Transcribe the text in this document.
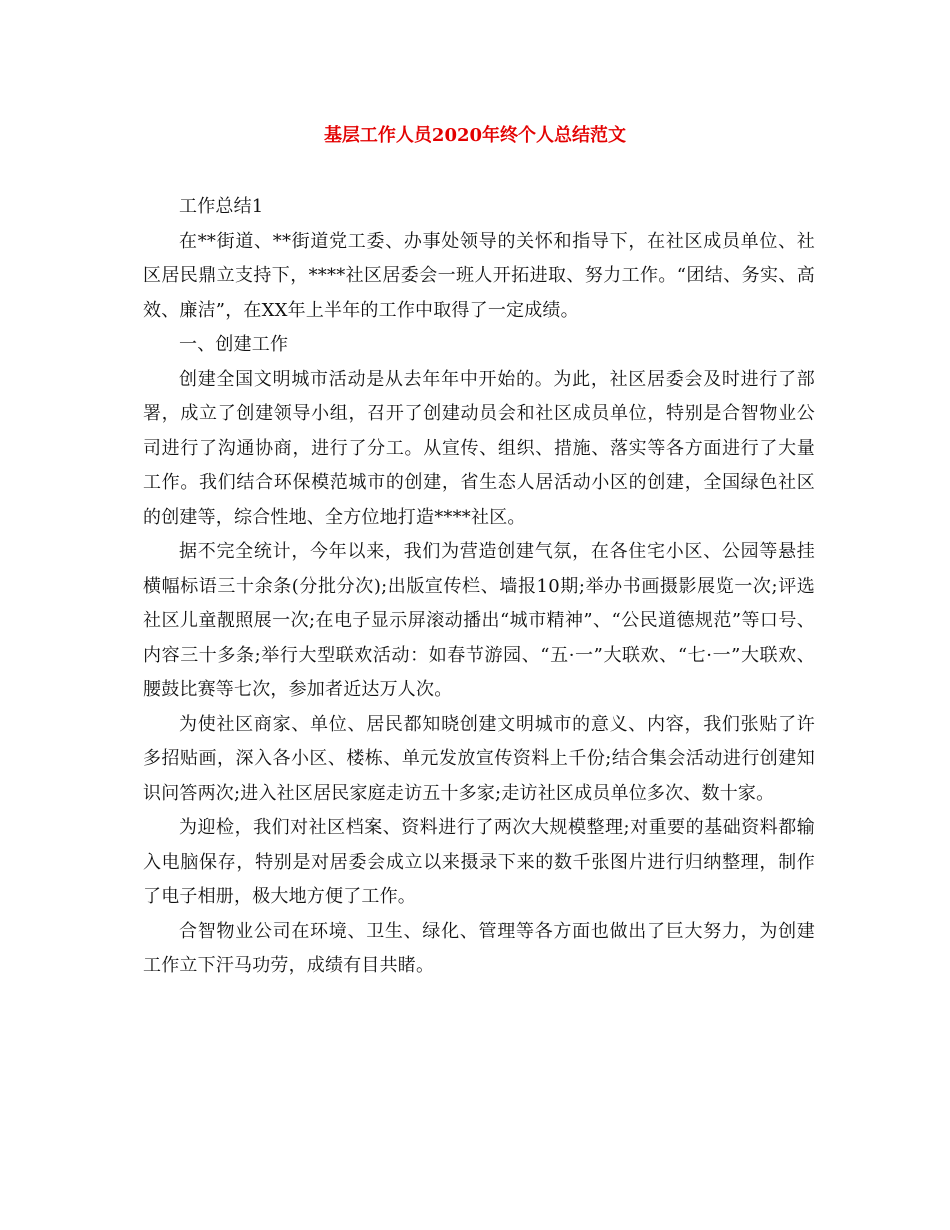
基层工作人员2020年终个人总结范文

工作总结1

在**街道、**街道党工委、办事处领导的关怀和指导下，在社区成员单位、社区居民鼎立支持下，****社区居委会一班人开拓进取、努力工作。“团结、务实、高效、廉洁”，在XX年上半年的工作中取得了一定成绩。

一、创建工作

创建全国文明城市活动是从去年年中开始的。为此，社区居委会及时进行了部署，成立了创建领导小组，召开了创建动员会和社区成员单位，特别是合智物业公司进行了沟通协商，进行了分工。从宣传、组织、措施、落实等各方面进行了大量工作。我们结合环保模范城市的创建，省生态人居活动小区的创建，全国绿色社区的创建等，综合性地、全方位地打造****社区。

据不完全统计，今年以来，我们为营造创建气氛，在各住宅小区、公园等悬挂横幅标语三十余条(分批分次);出版宣传栏、墙报10期;举办书画摄影展览一次;评选社区儿童靓照展一次;在电子显示屏滚动播出“城市精神”、“公民道德规范”等口号、内容三十多条;举行大型联欢活动：如春节游园、“五·一”大联欢、“七·一”大联欢、腰鼓比赛等七次，参加者近达万人次。

为使社区商家、单位、居民都知晓创建文明城市的意义、内容，我们张贴了许多招贴画，深入各小区、楼栋、单元发放宣传资料上千份;结合集会活动进行创建知识问答两次;进入社区居民家庭走访五十多家;走访社区成员单位多次、数十家。

为迎检，我们对社区档案、资料进行了两次大规模整理;对重要的基础资料都输入电脑保存，特别是对居委会成立以来摄录下来的数千张图片进行归纳整理，制作了电子相册，极大地方便了工作。

合智物业公司在环境、卫生、绿化、管理等各方面也做出了巨大努力，为创建工作立下汗马功劳，成绩有目共睹。
